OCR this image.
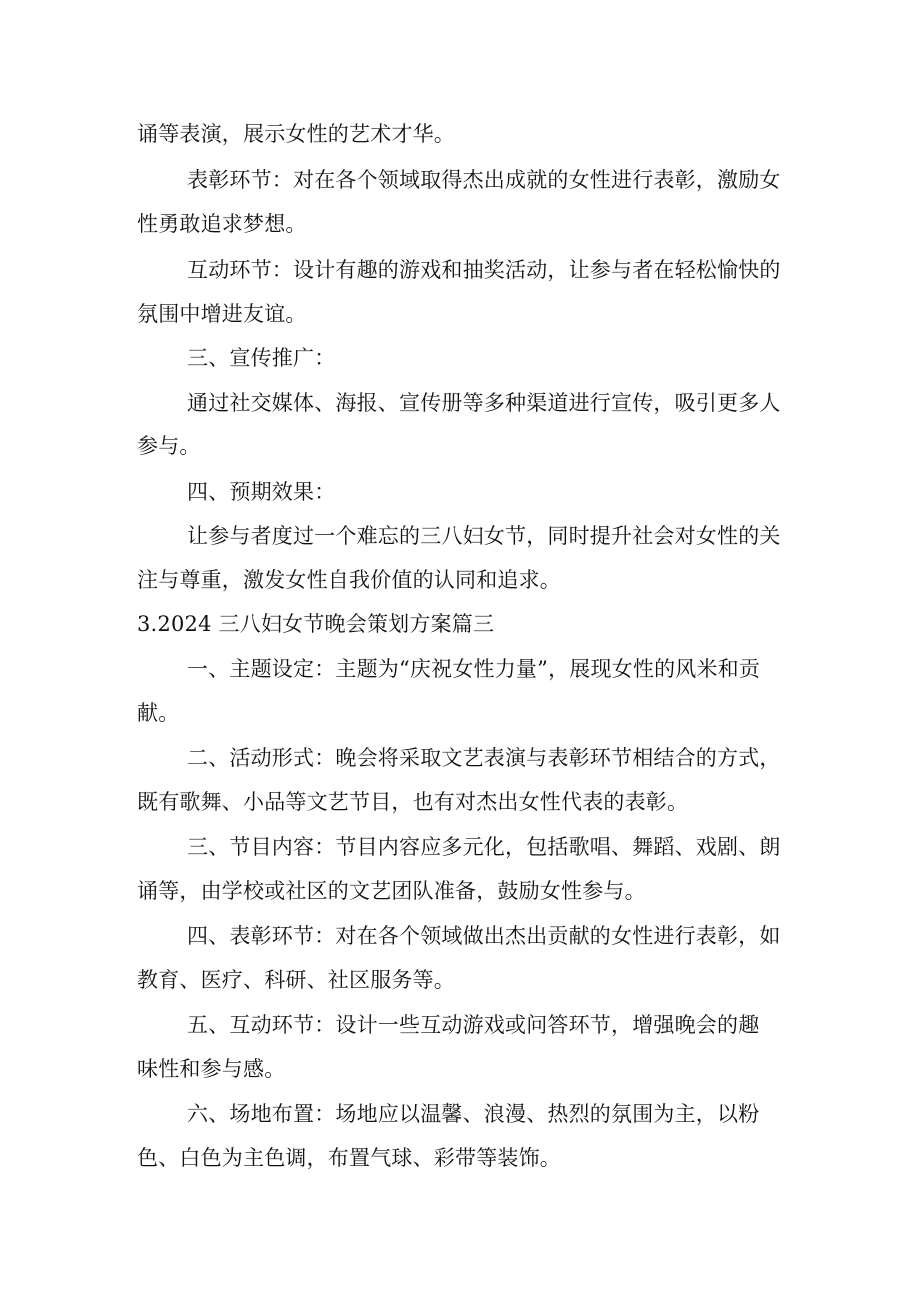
诵等表演，展示女性的艺术才华。
表彰环节：对在各个领域取得杰出成就的女性进行表彰，激励女
性勇敢追求梦想。
互动环节：设计有趣的游戏和抽奖活动，让参与者在轻松愉快的
氛围中增进友谊。
三、宣传推广：
通过社交媒体、海报、宣传册等多种渠道进行宣传，吸引更多人
参与。
四、预期效果：
让参与者度过一个难忘的三八妇女节，同时提升社会对女性的关
注与尊重，激发女性自我价值的认同和追求。
3.2024 三八妇女节晚会策划方案篇三
一、主题设定：主题为“庆祝女性力量”，展现女性的风米和贡
献。
二、活动形式：晚会将采取文艺表演与表彰环节相结合的方式，
既有歌舞、小品等文艺节目，也有对杰出女性代表的表彰。
三、节目内容：节目内容应多元化，包括歌唱、舞蹈、戏剧、朗
诵等，由学校或社区的文艺团队准备，鼓励女性参与。
四、表彰环节：对在各个领域做出杰出贡献的女性进行表彰，如
教育、医疗、科研、社区服务等。
五、互动环节：设计一些互动游戏或问答环节，增强晚会的趣
味性和参与感。
六、场地布置：场地应以温馨、浪漫、热烈的氛围为主，以粉
色、白色为主色调，布置气球、彩带等装饰。
